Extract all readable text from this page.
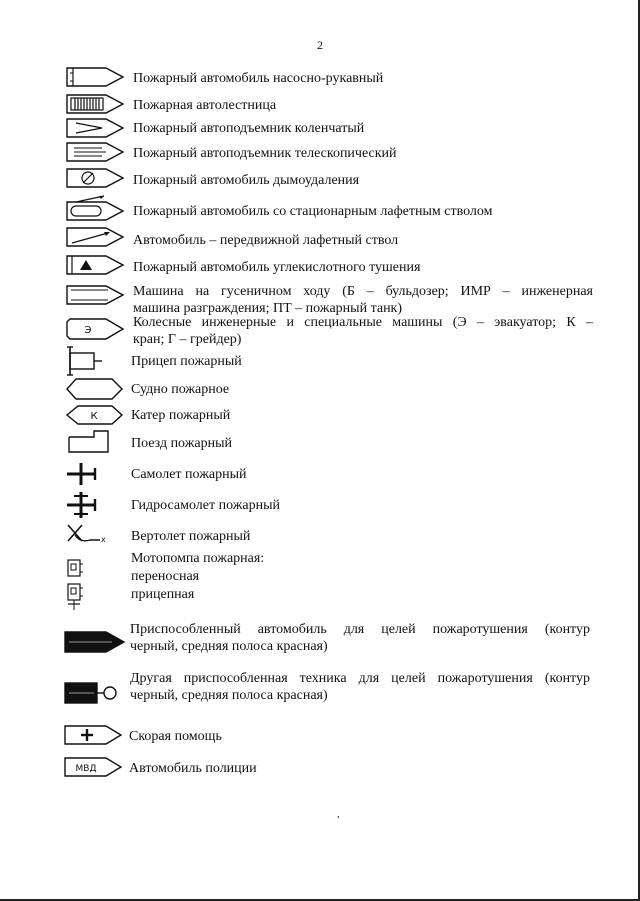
2
Пожарный автомобиль насосно-рукавный
Пожарная автолестница
Пожарный автоподъемник коленчатый
Пожарный автоподъемник телескопический
Пожарный автомобиль дымоудаления
Пожарный автомобиль со стационарным лафетным стволом
Автомобиль – передвижной лафетный ствол
Пожарный автомобиль углекислотного тушения
Машина на гусеничном ходу (Б – бульдозер; ИМР – инженерная
машина разграждения; ПТ – пожарный танк)
Э
Колесные инженерные и специальные машины (Э – эвакуатор; К –
кран; Г – грейдер)
Прицеп пожарный
Судно пожарное
К Катер пожарный
Поезд пожарный
Самолет пожарный
Гидросамолет пожарный
x Вертолет пожарный
Мотопомпа пожарная:
переносная
прицепная
Приспособленный автомобиль для целей пожаротушения (контур
черный, средняя полоса красная)
Другая приспособленная техника для целей пожаротушения (контур
черный, средняя полоса красная)
Скорая помощь
МВД Автомобиль полиции
,
